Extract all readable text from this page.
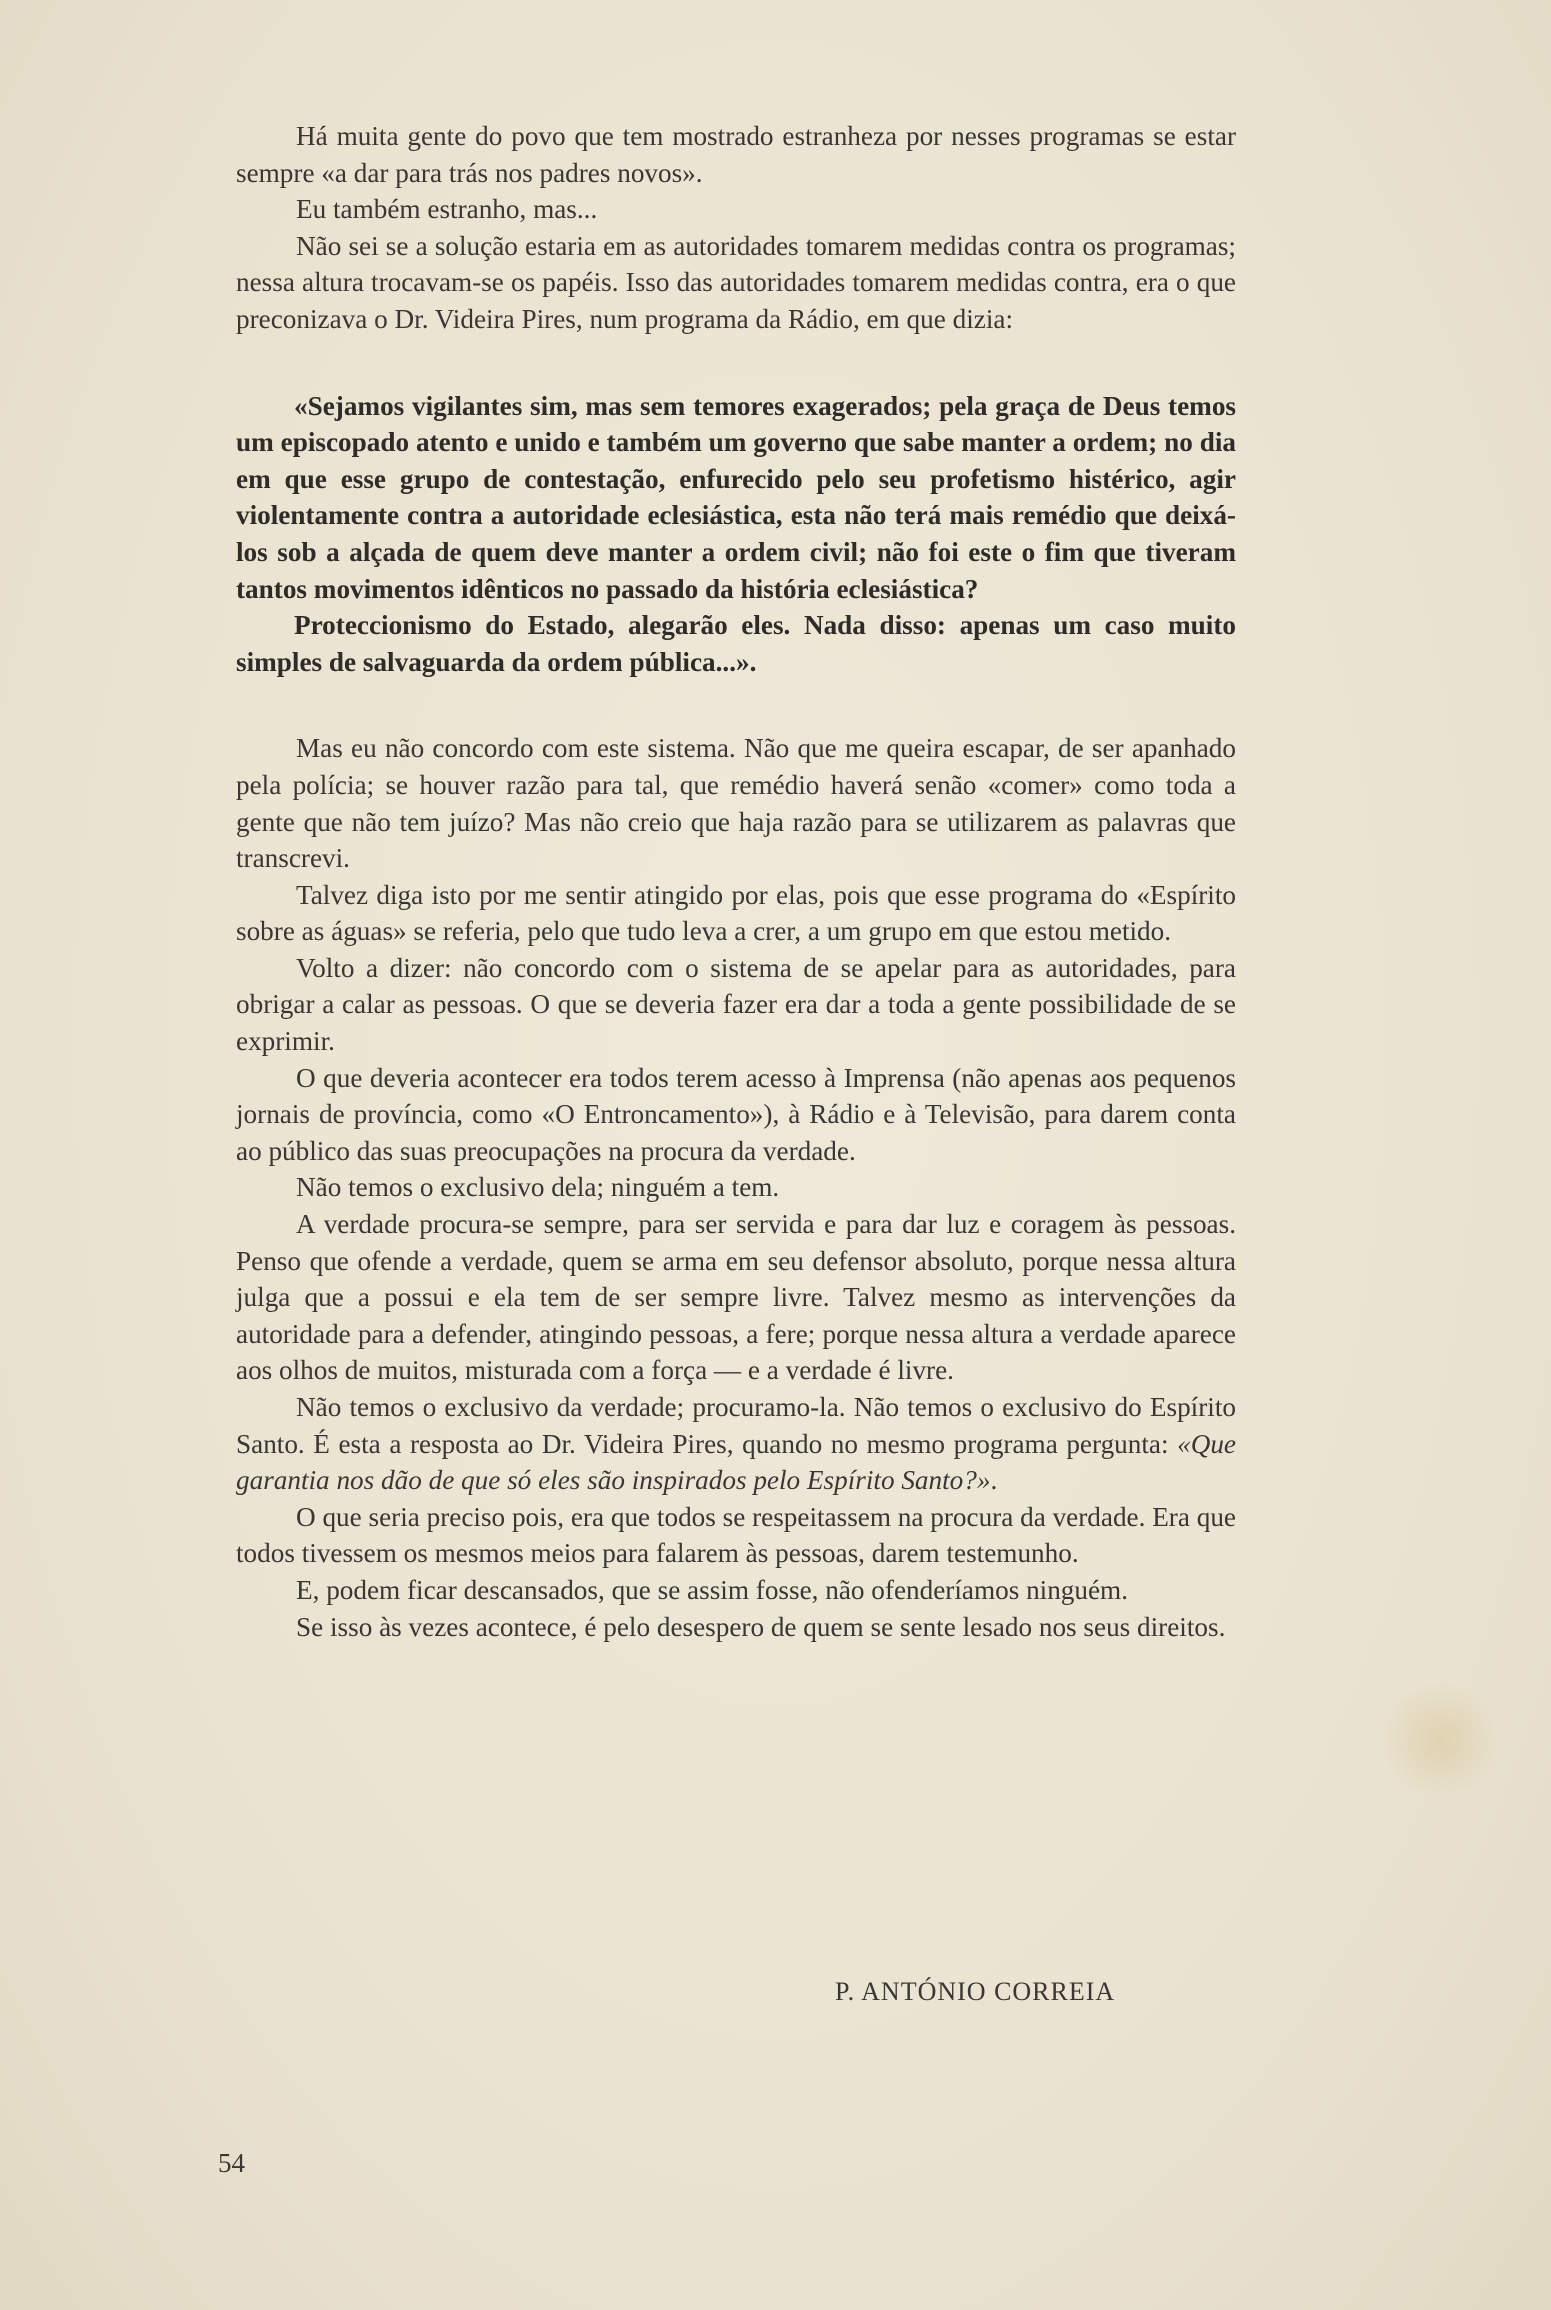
Há muita gente do povo que tem mostrado estranheza por nesses programas se estar sempre «a dar para trás nos padres novos».

Eu também estranho, mas...

Não sei se a solução estaria em as autoridades tomarem medidas contra os programas; nessa altura trocavam-se os papéis. Isso das autoridades tomarem medidas contra, era o que preconizava o Dr. Videira Pires, num programa da Rádio, em que dizia:

«Sejamos vigilantes sim, mas sem temores exagerados; pela graça de Deus temos um episcopado atento e unido e também um governo que sabe manter a ordem; no dia em que esse grupo de contestação, enfurecido pelo seu profetismo histérico, agir violentamente contra a autoridade eclesiástica, esta não terá mais remédio que deixá-los sob a alçada de quem deve manter a ordem civil; não foi este o fim que tiveram tantos movimentos idênticos no passado da história eclesiástica?

Proteccionismo do Estado, alegarão eles. Nada disso: apenas um caso muito simples de salvaguarda da ordem pública...».

Mas eu não concordo com este sistema. Não que me queira escapar, de ser apanhado pela polícia; se houver razão para tal, que remédio haverá senão «comer» como toda a gente que não tem juízo? Mas não creio que haja razão para se utilizarem as palavras que transcrevi.

Talvez diga isto por me sentir atingido por elas, pois que esse programa do «Espírito sobre as águas» se referia, pelo que tudo leva a crer, a um grupo em que estou metido.

Volto a dizer: não concordo com o sistema de se apelar para as autoridades, para obrigar a calar as pessoas. O que se deveria fazer era dar a toda a gente possibilidade de se exprimir.

O que deveria acontecer era todos terem acesso à Imprensa (não apenas aos pequenos jornais de província, como «O Entroncamento»), à Rádio e à Televisão, para darem conta ao público das suas preocupações na procura da verdade.

Não temos o exclusivo dela; ninguém a tem.

A verdade procura-se sempre, para ser servida e para dar luz e coragem às pessoas. Penso que ofende a verdade, quem se arma em seu defensor absoluto, porque nessa altura julga que a possui e ela tem de ser sempre livre. Talvez mesmo as intervenções da autoridade para a defender, atingindo pessoas, a fere; porque nessa altura a verdade aparece aos olhos de muitos, misturada com a força — e a verdade é livre.

Não temos o exclusivo da verdade; procuramo-la. Não temos o exclusivo do Espírito Santo. É esta a resposta ao Dr. Videira Pires, quando no mesmo programa pergunta: «Que garantia nos dão de que só eles são inspirados pelo Espírito Santo?».

O que seria preciso pois, era que todos se respeitassem na procura da verdade. Era que todos tivessem os mesmos meios para falarem às pessoas, darem testemunho.

E, podem ficar descansados, que se assim fosse, não ofenderíamos ninguém.

Se isso às vezes acontece, é pelo desespero de quem se sente lesado nos seus direitos.

P. ANTÓNIO CORREIA
54
